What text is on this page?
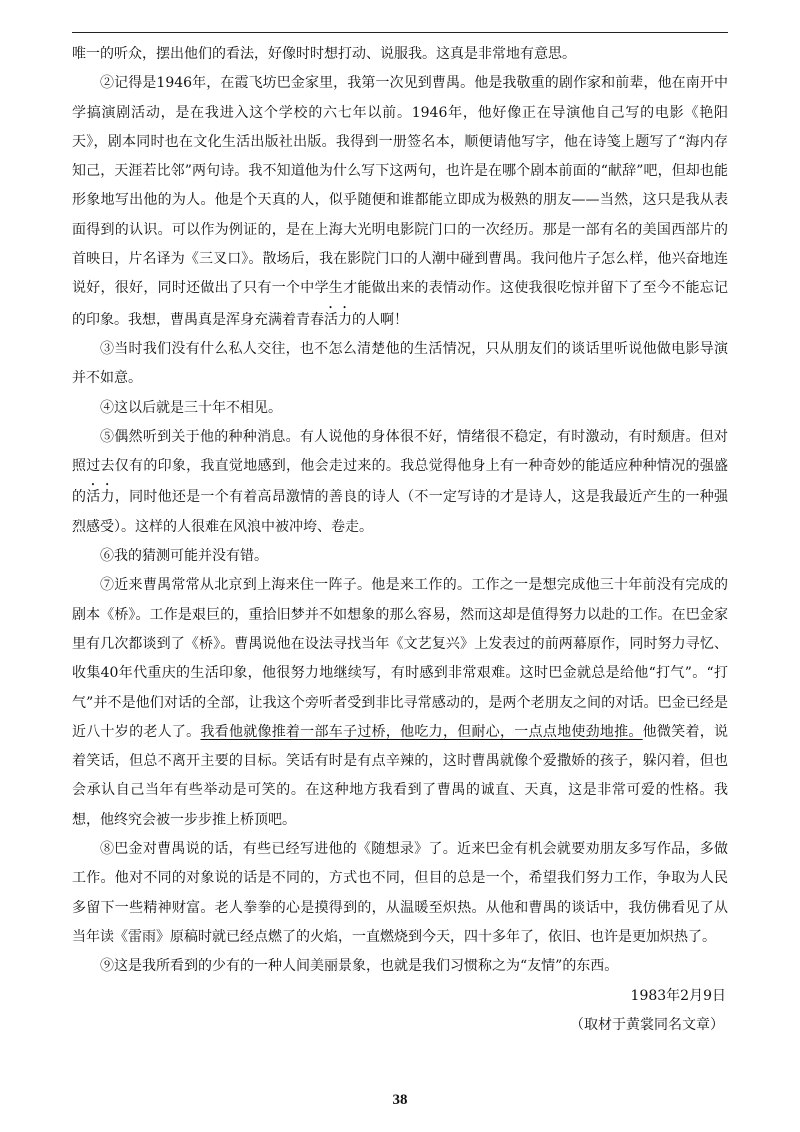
唯一的听众，摆出他们的看法，好像时时想打动、说服我。这真是非常地有意思。

②记得是1946年，在霞飞坊巴金家里，我第一次见到曹禺。他是我敬重的剧作家和前辈，他在南开中学搞演剧活动，是在我进入这个学校的六七年以前。1946年，他好像正在导演他自己写的电影《艳阳天》，剧本同时也在文化生活出版社出版。我得到一册签名本，顺便请他写字，他在诗笺上题写了“海内存知己，天涯若比邻”两句诗。我不知道他为什么写下这两句，也许是在哪个剧本前面的“献辞”吧，但却也能形象地写出他的为人。他是个天真的人，似乎随便和谁都能立即成为极熟的朋友——当然，这只是我从表面得到的认识。可以作为例证的，是在上海大光明电影院门口的一次经历。那是一部有名的美国西部片的首映日，片名译为《三叉口》。散场后，我在影院门口的人潮中碰到曹禺。我问他片子怎么样，他兴奋地连说好，很好，同时还做出了只有一个中学生才能做出来的表情动作。这使我很吃惊并留下了至今不能忘记的印象。我想，曹禺真是浑身充满着青春活力的人啊！

③当时我们没有什么私人交往，也不怎么清楚他的生活情况，只从朋友们的谈话里听说他做电影导演并不如意。

④这以后就是三十年不相见。

⑤偶然听到关于他的种种消息。有人说他的身体很不好，情绪很不稳定，有时激动，有时颓唐。但对照过去仅有的印象，我直觉地感到，他会走过来的。我总觉得他身上有一种奇妙的能适应种种情况的强盛的活力，同时他还是一个有着高昂激情的善良的诗人（不一定写诗的才是诗人，这是我最近产生的一种强烈感受）。这样的人很难在风浪中被冲垮、卷走。

⑥我的猜测可能并没有错。

⑦近来曹禺常常从北京到上海来住一阵子。他是来工作的。工作之一是想完成他三十年前没有完成的剧本《桥》。工作是艰巨的，重拾旧梦并不如想象的那么容易，然而这却是值得努力以赴的工作。在巴金家里有几次都谈到了《桥》。曹禺说他在设法寻找当年《文艺复兴》上发表过的前两幕原作，同时努力寻忆、收集40年代重庆的生活印象，他很努力地继续写，有时感到非常艰难。这时巴金就总是给他“打气”。“打气”并不是他们对话的全部，让我这个旁听者受到非比寻常感动的，是两个老朋友之间的对话。巴金已经是近八十岁的老人了。我看他就像推着一部车子过桥，他吃力，但耐心，一点点地使劲地推。他微笑着，说着笑话，但总不离开主要的目标。笑话有时是有点辛辣的，这时曹禺就像个爱撒娇的孩子，躲闪着，但也会承认自己当年有些举动是可笑的。在这种地方我看到了曹禺的诚直、天真，这是非常可爱的性格。我想，他终究会被一步步推上桥顶吧。

⑧巴金对曹禺说的话，有些已经写进他的《随想录》了。近来巴金有机会就要劝朋友多写作品，多做工作。他对不同的对象说的话是不同的，方式也不同，但目的总是一个，希望我们努力工作，争取为人民多留下一些精神财富。老人拳拳的心是摸得到的，从温暖至炽热。从他和曹禺的谈话中，我仿佛看见了从当年读《雷雨》原稿时就已经点燃了的火焰，一直燃烧到今天，四十多年了，依旧、也许是更加炽热了。

⑨这是我所看到的少有的一种人间美丽景象，也就是我们习惯称之为“友情”的东西。

1983年2月9日

（取材于黄裳同名文章）

38
